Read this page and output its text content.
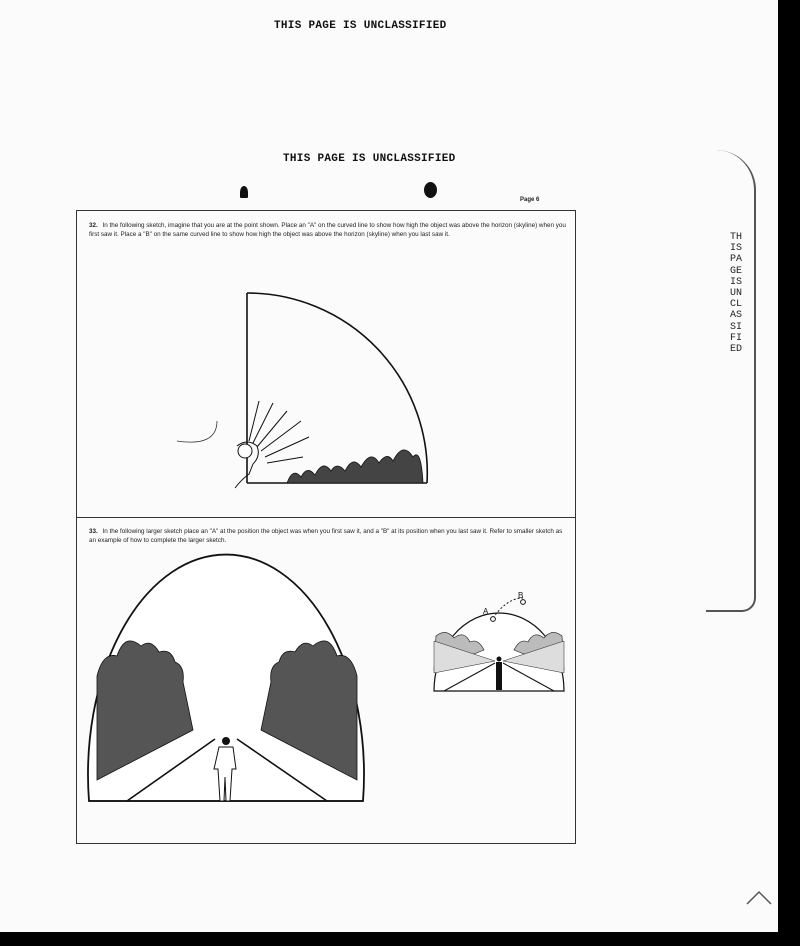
THIS PAGE IS UNCLASSIFIED
THIS PAGE IS UNCLASSIFIED
THIS PAGE IS UNCLASSIFIED
Page 6
32. In the following sketch, imagine that you are at the point shown. Place an "A" on the curved line to show how high the object was above the horizon (skyline) when you first saw it. Place a "B" on the same curved line to show how high the object was above the horizon (skyline) when you last saw it.
33. In the following larger sketch place an "A" at the position the object was when you first saw it, and a "B" at its position when you last saw it. Refer to smaller sketch as an example of how to complete the larger sketch.
A
B
